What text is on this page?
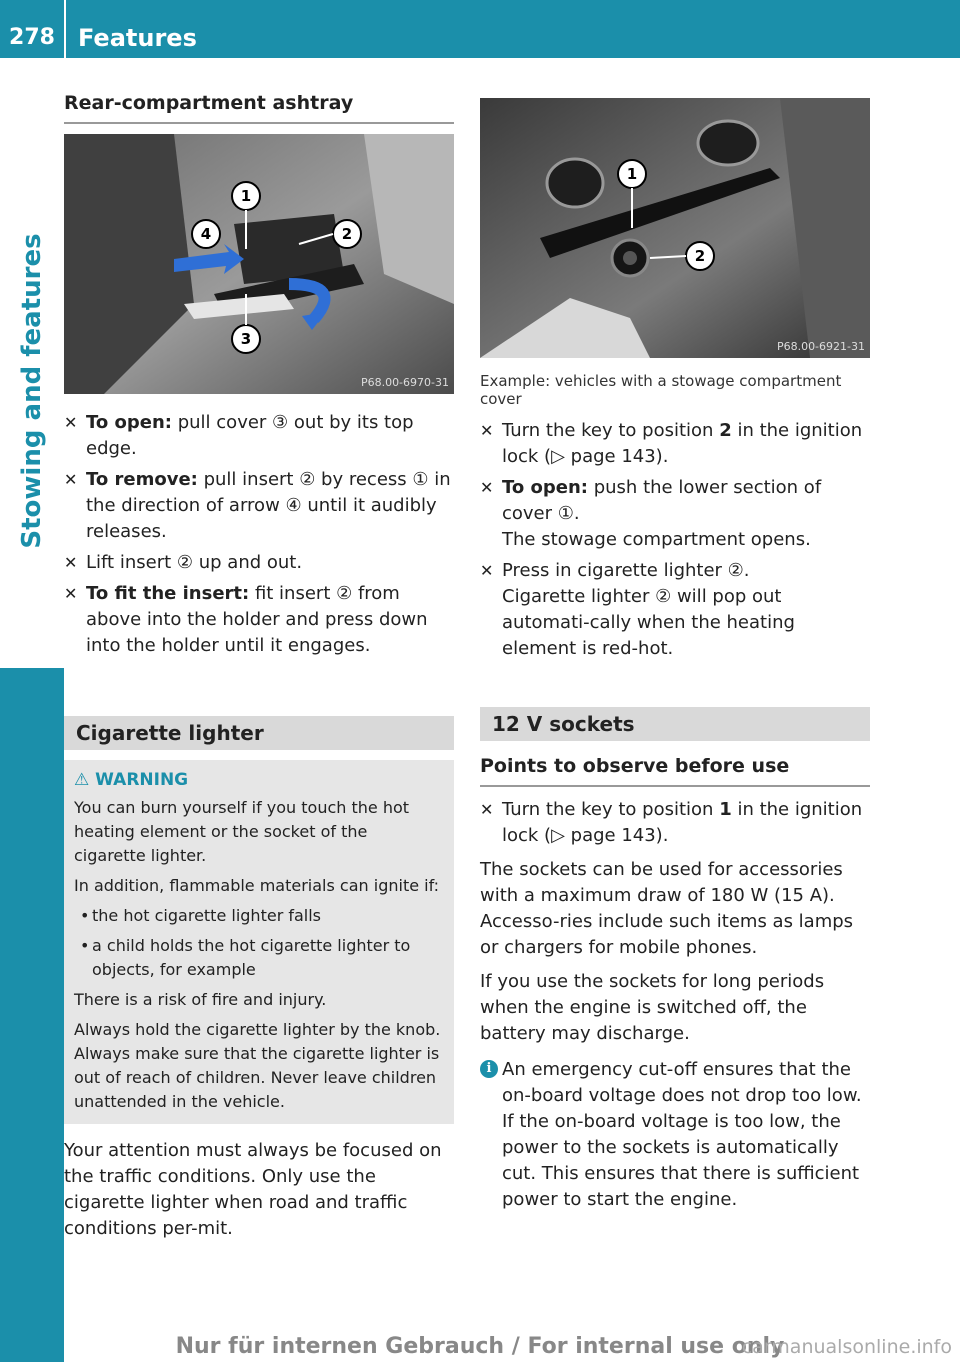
278 Features
Stowing and features
Rear-compartment ashtray
1
2
3
4
P68.00-6970-31
✕ To open: pull cover ③ out by its top edge.
✕ To remove: pull insert ② by recess ① in the direction of arrow ④ until it audibly releases.
✕ Lift insert ② up and out.
✕ To fit the insert: fit insert ② from above into the holder and press down into the holder until it engages.
Cigarette lighter
⚠ WARNING

You can burn yourself if you touch the hot heating element or the socket of the cigarette lighter.

In addition, flammable materials can ignite if:

• the hot cigarette lighter falls
• a child holds the hot cigarette lighter to objects, for example

There is a risk of fire and injury.

Always hold the cigarette lighter by the knob. Always make sure that the cigarette lighter is out of reach of children. Never leave children unattended in the vehicle.

Your attention must always be focused on the traffic conditions. Only use the cigarette lighter when road and traffic conditions per-mit.

1
2
P68.00-6921-31
Example: vehicles with a stowage compartment cover
✕ Turn the key to position 2 in the ignition lock (▷ page 143).
✕ To open: push the lower section of cover ①.
The stowage compartment opens.
✕ Press in cigarette lighter ②.
Cigarette lighter ② will pop out automati-cally when the heating element is red-hot.
12 V sockets
Points to observe before use
✕ Turn the key to position 1 in the ignition lock (▷ page 143).

The sockets can be used for accessories with a maximum draw of 180 W (15 A). Accesso-ries include such items as lamps or chargers for mobile phones.

If you use the sockets for long periods when the engine is switched off, the battery may discharge.

i An emergency cut-off ensures that the on-board voltage does not drop too low. If the on-board voltage is too low, the power to the sockets is automatically cut. This ensures that there is sufficient power to start the engine.
Nur für internen Gebrauch / For internal use only
carmanualsonline.info
